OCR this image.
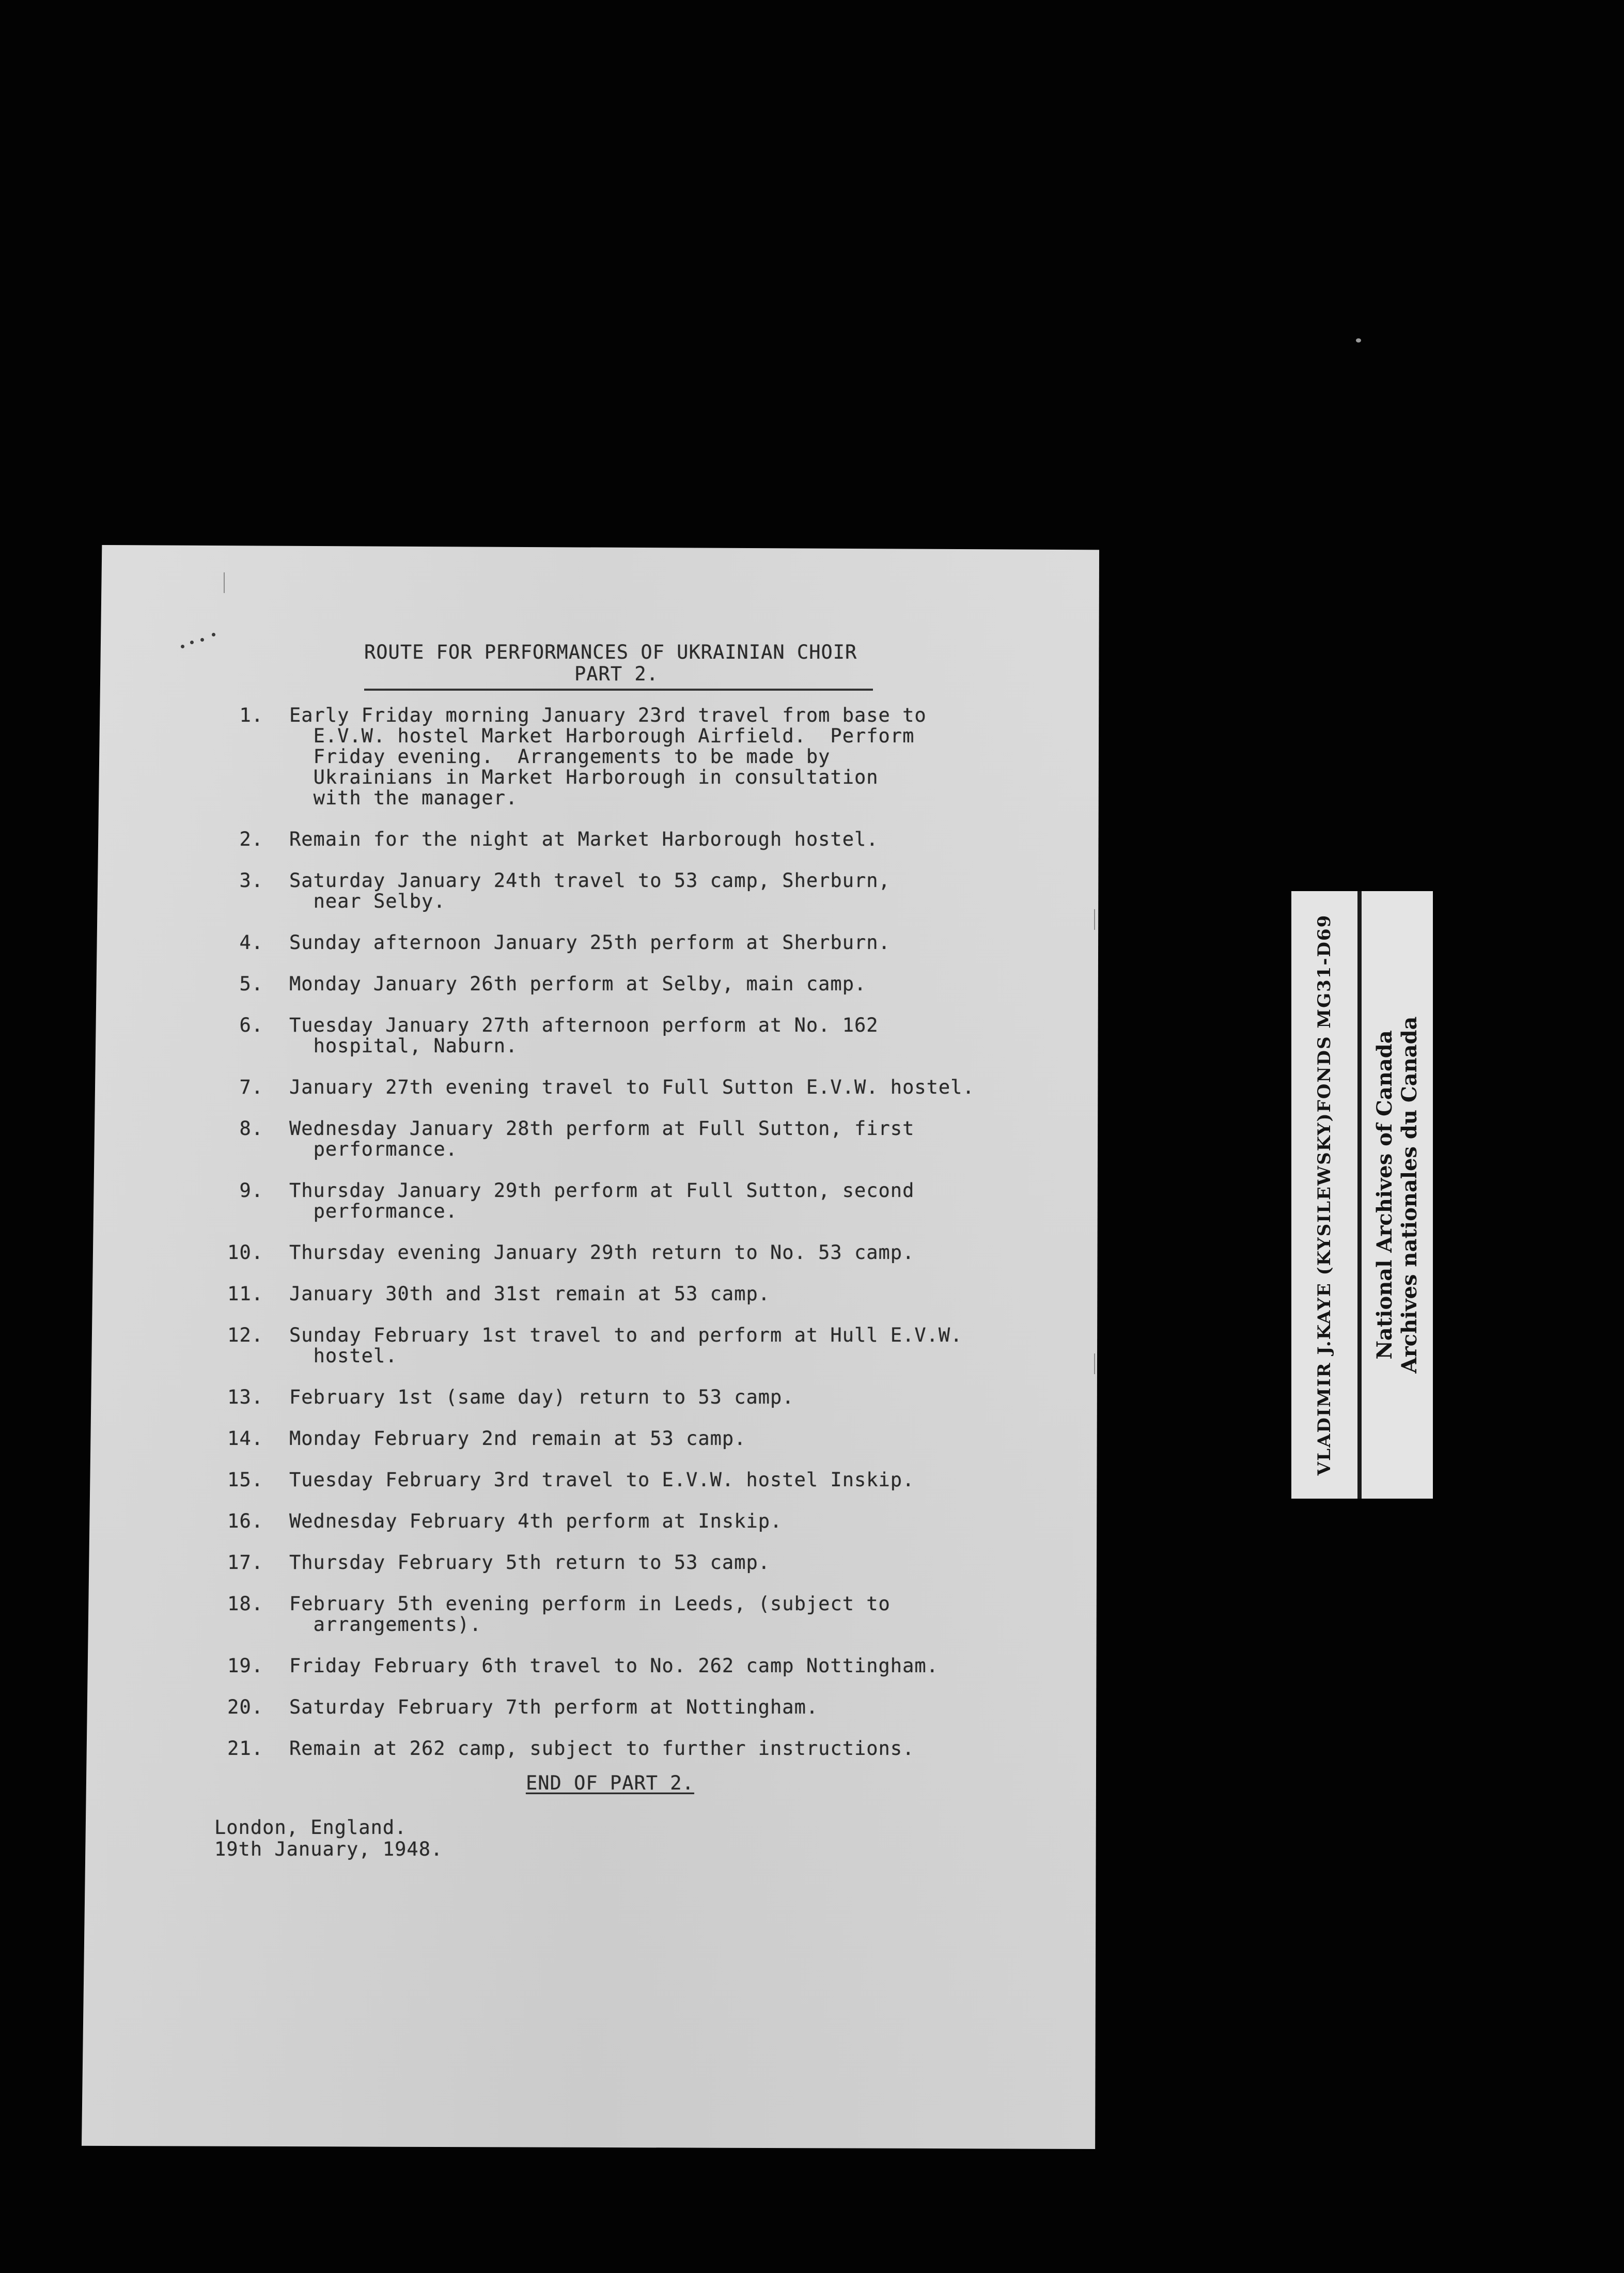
ROUTE FOR PERFORMANCES OF UKRAINIAN CHOIR
PART 2.
1. Early Friday morning January 23rd travel from base to
E.V.W. hostel Market Harborough Airfield.  Perform
Friday evening.  Arrangements to be made by
Ukrainians in Market Harborough in consultation
with the manager.
2. Remain for the night at Market Harborough hostel.
3. Saturday January 24th travel to 53 camp, Sherburn,
near Selby.
4. Sunday afternoon January 25th perform at Sherburn.
5. Monday January 26th perform at Selby, main camp.
6. Tuesday January 27th afternoon perform at No. 162
hospital, Naburn.
7. January 27th evening travel to Full Sutton E.V.W. hostel.
8. Wednesday January 28th perform at Full Sutton, first
performance.
9. Thursday January 29th perform at Full Sutton, second
performance.
10. Thursday evening January 29th return to No. 53 camp.
11. January 30th and 31st remain at 53 camp.
12. Sunday February 1st travel to and perform at Hull E.V.W.
hostel.
13. February 1st (same day) return to 53 camp.
14. Monday February 2nd remain at 53 camp.
15. Tuesday February 3rd travel to E.V.W. hostel Inskip.
16. Wednesday February 4th perform at Inskip.
17. Thursday February 5th return to 53 camp.
18. February 5th evening perform in Leeds, (subject to
arrangements).
19. Friday February 6th travel to No. 262 camp Nottingham.
20. Saturday February 7th perform at Nottingham.
21. Remain at 262 camp, subject to further instructions.
END OF PART 2.
London, England.
19th January, 1948.
VLADIMIR J.KAYE (KYSILEWSKY)FONDS MG31-D69 National Archives of Canada Archives nationales du Canada
